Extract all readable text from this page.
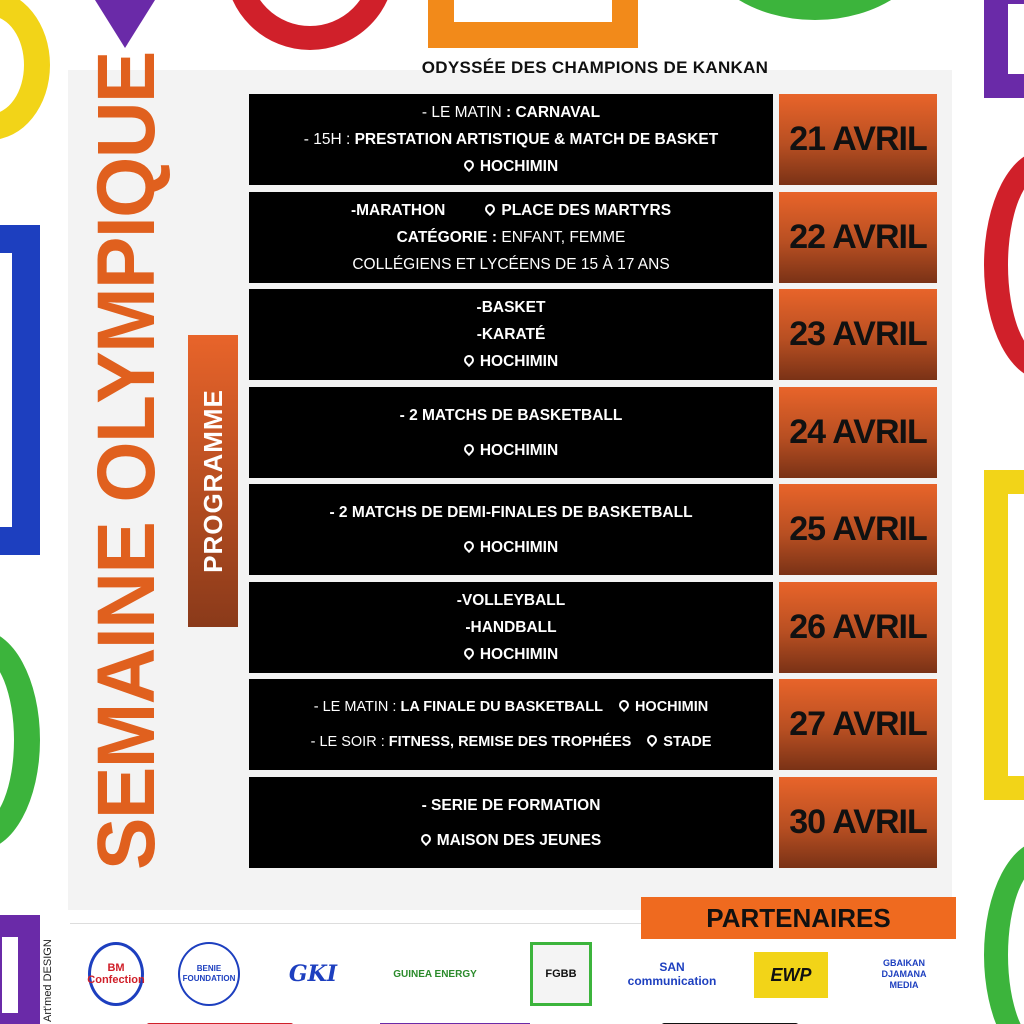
ODYSSÉE DES CHAMPIONS DE KANKAN
SEMAINE OLYMPIQUE	PROGRAMME
- LE MATIN : CARNAVAL
- 15H : PRESTATION ARTISTIQUE & MATCH DE BASKET
HOCHIMIN
21 AVRIL
-MARATHON	PLACE DES MARTYRS
CATÉGORIE : ENFANT, FEMME
COLLÉGIENS ET LYCÉENS DE 15 À 17 ANS
22 AVRIL
-BASKET
-KARATÉ
HOCHIMIN
23 AVRIL
- 2 MATCHS DE BASKETBALL
HOCHIMIN	24 AVRIL
- 2 MATCHS DE DEMI-FINALES DE BASKETBALL
HOCHIMIN	25 AVRIL
-VOLLEYBALL
-HANDBALL
HOCHIMIN
26 AVRIL
- LE MATIN : LA FINALE DU BASKETBALL HOCHIMIN
- LE SOIR : FITNESS, REMISE DES TROPHÉES STADE	27 AVRIL
- SERIE DE FORMATION
MAISON DES JEUNES	30 AVRIL
BM Confection
BENIE FOUNDATION GKI	GUINEA ENERGY	FGBB	SAN communication	EWP
GBAIKAN DJAMANA MEDIA
PARTENAIRES
Art'med DESIGN
